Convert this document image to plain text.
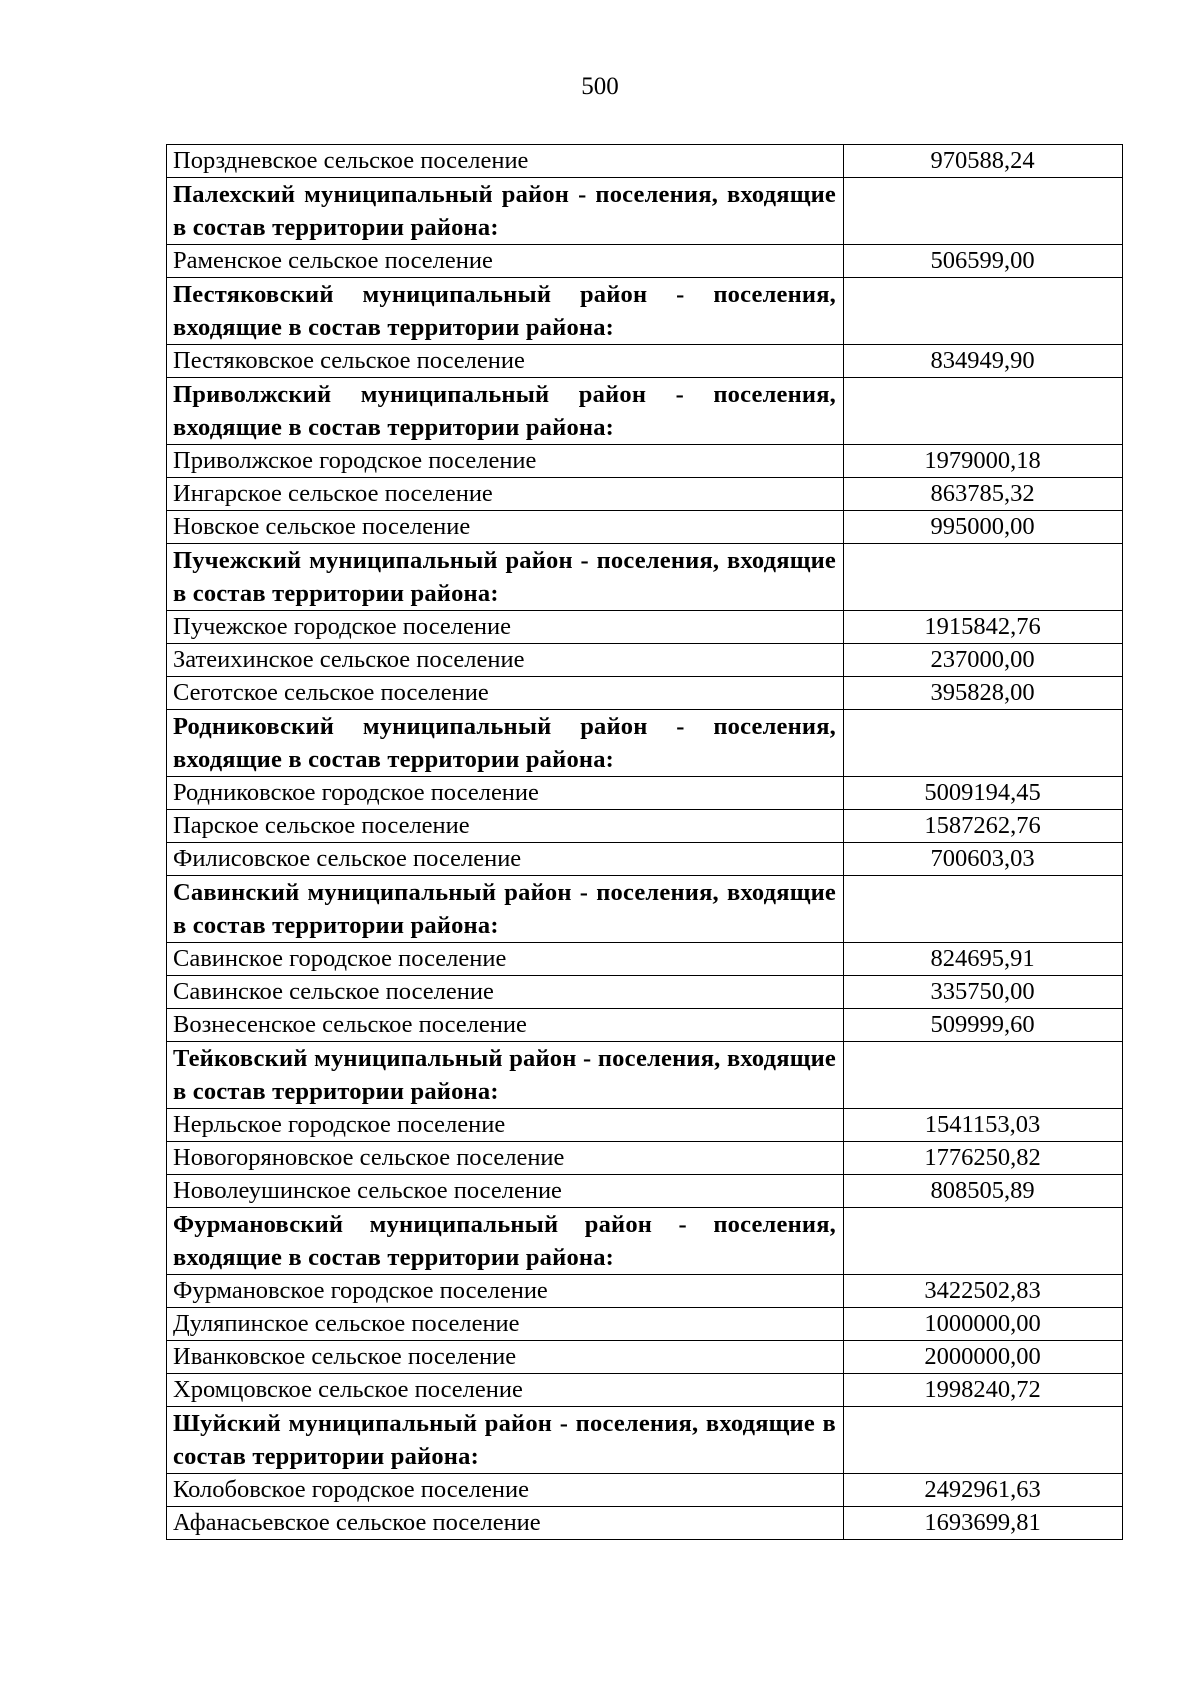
500
Порздневское сельское поселение	970588,24
Палехский муниципальный район - поселения, входящие в состав территории района:	
Раменское сельское поселение	506599,00
Пестяковский муниципальный район - поселения, входящие в состав территории района:	
Пестяковское сельское поселение	834949,90
Приволжский муниципальный район - поселения, входящие в состав территории района:	
Приволжское городское поселение	1979000,18
Ингарское сельское поселение	863785,32
Новское сельское поселение	995000,00
Пучежский муниципальный район - поселения, входящие в состав территории района:	
Пучежское городское поселение	1915842,76
Затеихинское сельское поселение	237000,00
Сеготское сельское поселение	395828,00
Родниковский муниципальный район - поселения, входящие в состав территории района:	
Родниковское городское поселение	5009194,45
Парское сельское поселение	1587262,76
Филисовское сельское поселение	700603,03
Савинский муниципальный район - поселения, входящие в состав территории района:	
Савинское городское поселение	824695,91
Савинское сельское поселение	335750,00
Вознесенское сельское поселение	509999,60
Тейковский муниципальный район - поселения, входящие в состав территории района:	
Нерльское городское поселение	1541153,03
Новогоряновское сельское поселение	1776250,82
Новолеушинское сельское поселение	808505,89
Фурмановский муниципальный район - поселения, входящие в состав территории района:	
Фурмановское городское поселение	3422502,83
Дуляпинское сельское поселение	1000000,00
Иванковское сельское поселение	2000000,00
Хромцовское сельское поселение	1998240,72
Шуйский муниципальный район - поселения, входящие в состав территории района:	
Колобовское городское поселение	2492961,63
Афанасьевское сельское поселение	1693699,81
